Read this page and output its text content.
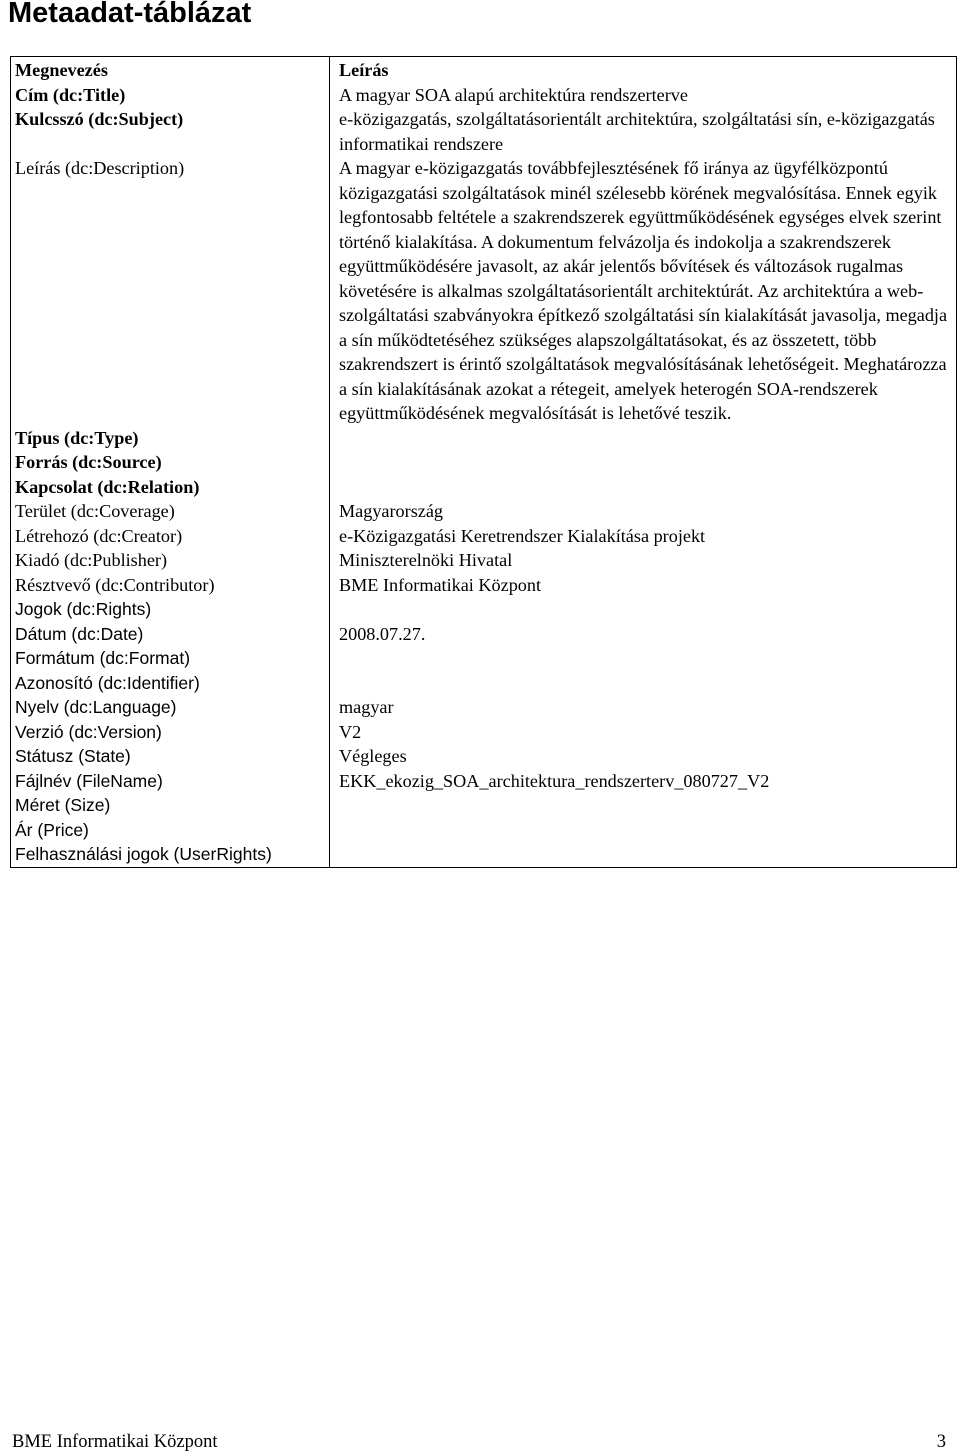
Metaadat-táblázat
Megnevezés	Leírás
Cím (dc:Title)	A magyar SOA alapú architektúra rendszerterve
Kulcsszó (dc:Subject)	e-közigazgatás, szolgáltatásorientált architektúra, szolgáltatási sín, e-közigazgatás informatikai rendszere
Leírás (dc:Description)	A magyar e-közigazgatás továbbfejlesztésének fő iránya az ügyfélközpontú közigazgatási szolgáltatások minél szélesebb körének megvalósítása. Ennek egyik legfontosabb feltétele a szakrendszerek együttműködésének egységes elvek szerint történő kialakítása. A dokumentum felvázolja és indokolja a szakrendszerek együttműködésére javasolt, az akár jelentős bővítések és változások rugalmas követésére is alkalmas szolgáltatásorientált architektúrát. Az architektúra a web-szolgáltatási szabványokra építkező szolgáltatási sín kialakítását javasolja, megadja a sín működtetéséhez szükséges alapszolgáltatásokat, és az összetett, több szakrendszert is érintő szolgáltatások megvalósításának lehetőségeit. Meghatározza a sín kialakításának azokat a rétegeit, amelyek heterogén SOA-rendszerek együttműködésének megvalósítását is lehetővé teszik.
Típus (dc:Type)	
Forrás (dc:Source)	
Kapcsolat (dc:Relation)	
Terület (dc:Coverage)	Magyarország
Létrehozó (dc:Creator)	e-Közigazgatási Keretrendszer Kialakítása projekt
Kiadó (dc:Publisher)	Miniszterelnöki Hivatal
Résztvevő (dc:Contributor)	BME Informatikai Központ
Jogok (dc:Rights)	
Dátum (dc:Date)	2008.07.27.
Formátum (dc:Format)	
Azonosító (dc:Identifier)	
Nyelv (dc:Language)	magyar
Verzió (dc:Version)	V2
Státusz (State)	Végleges
Fájlnév (FileName)	EKK_ekozig_SOA_architektura_rendszerterv_080727_V2
Méret (Size)	
Ár (Price)	
Felhasználási jogok (UserRights)	
BME Informatikai Központ	3
